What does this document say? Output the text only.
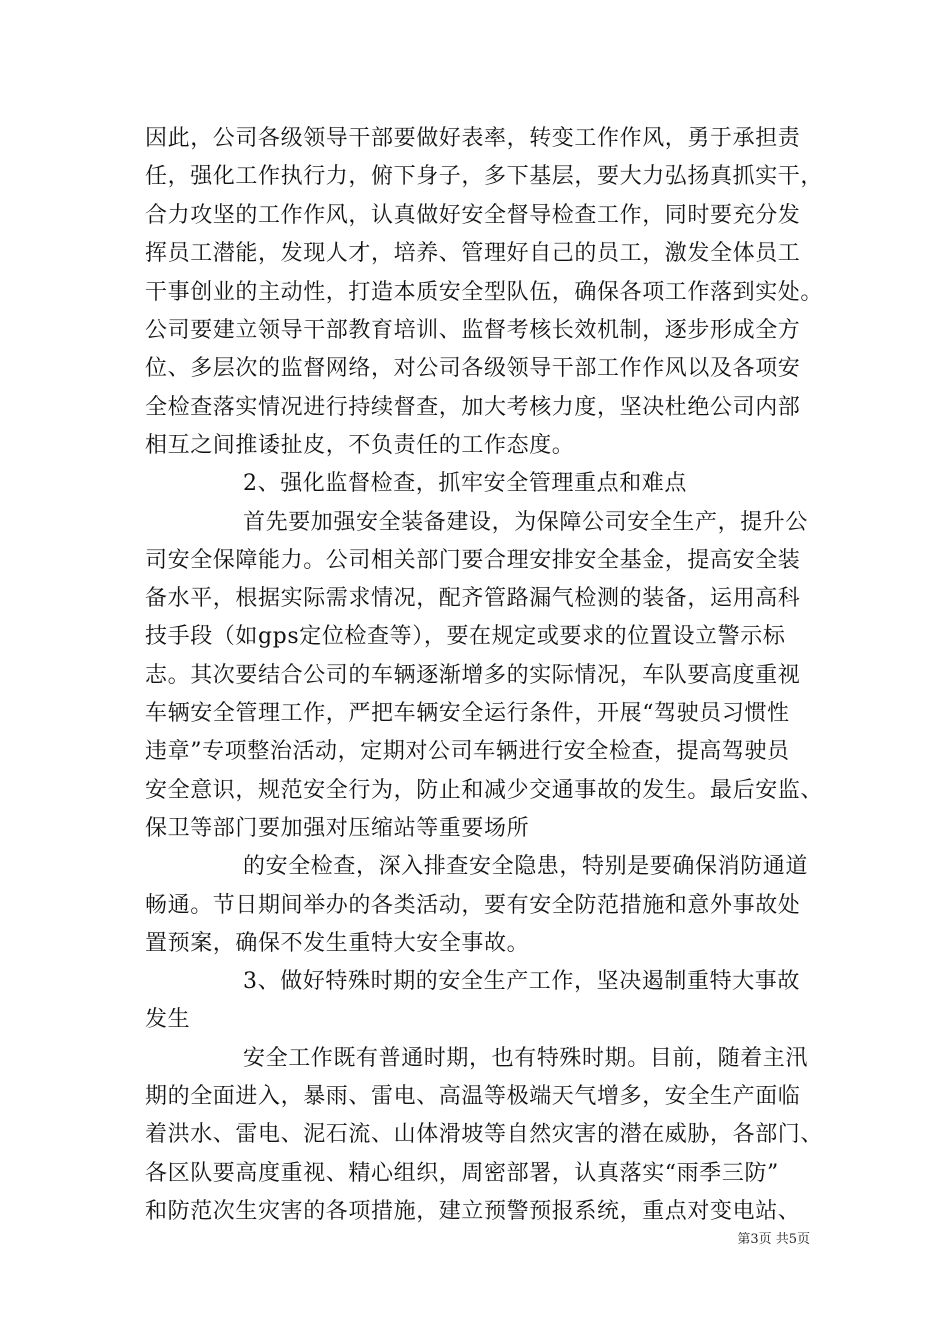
因此，公司各级领导干部要做好表率，转变工作作风，勇于承担责
任，强化工作执行力，俯下身子，多下基层，要大力弘扬真抓实干，
合力攻坚的工作作风，认真做好安全督导检查工作，同时要充分发
挥员工潜能，发现人才，培养、管理好自己的员工，激发全体员工
干事创业的主动性，打造本质安全型队伍，确保各项工作落到实处。
公司要建立领导干部教育培训、监督考核长效机制，逐步形成全方
位、多层次的监督网络，对公司各级领导干部工作作风以及各项安
全检查落实情况进行持续督查，加大考核力度，坚决杜绝公司内部
相互之间推诿扯皮，不负责任的工作态度。
2、强化监督检查，抓牢安全管理重点和难点
首先要加强安全装备建设，为保障公司安全生产，提升公
司安全保障能力。公司相关部门要合理安排安全基金，提高安全装
备水平，根据实际需求情况，配齐管路漏气检测的装备，运用高科
技手段（如gps定位检查等），要在规定或要求的位置设立警示标
志。其次要结合公司的车辆逐渐增多的实际情况，车队要高度重视
车辆安全管理工作，严把车辆安全运行条件，开展“驾驶员习惯性
违章”专项整治活动，定期对公司车辆进行安全检查，提高驾驶员
安全意识，规范安全行为，防止和减少交通事故的发生。最后安监、
保卫等部门要加强对压缩站等重要场所
的安全检查，深入排查安全隐患，特别是要确保消防通道
畅通。节日期间举办的各类活动，要有安全防范措施和意外事故处
置预案，确保不发生重特大安全事故。
3、做好特殊时期的安全生产工作，坚决遏制重特大事故
发生
安全工作既有普通时期，也有特殊时期。目前，随着主汛
期的全面进入，暴雨、雷电、高温等极端天气增多，安全生产面临
着洪水、雷电、泥石流、山体滑坡等自然灾害的潜在威胁，各部门、
各区队要高度重视、精心组织，周密部署，认真落实“雨季三防”
和防范次生灾害的各项措施，建立预警预报系统，重点对变电站、
第3页 共5页
